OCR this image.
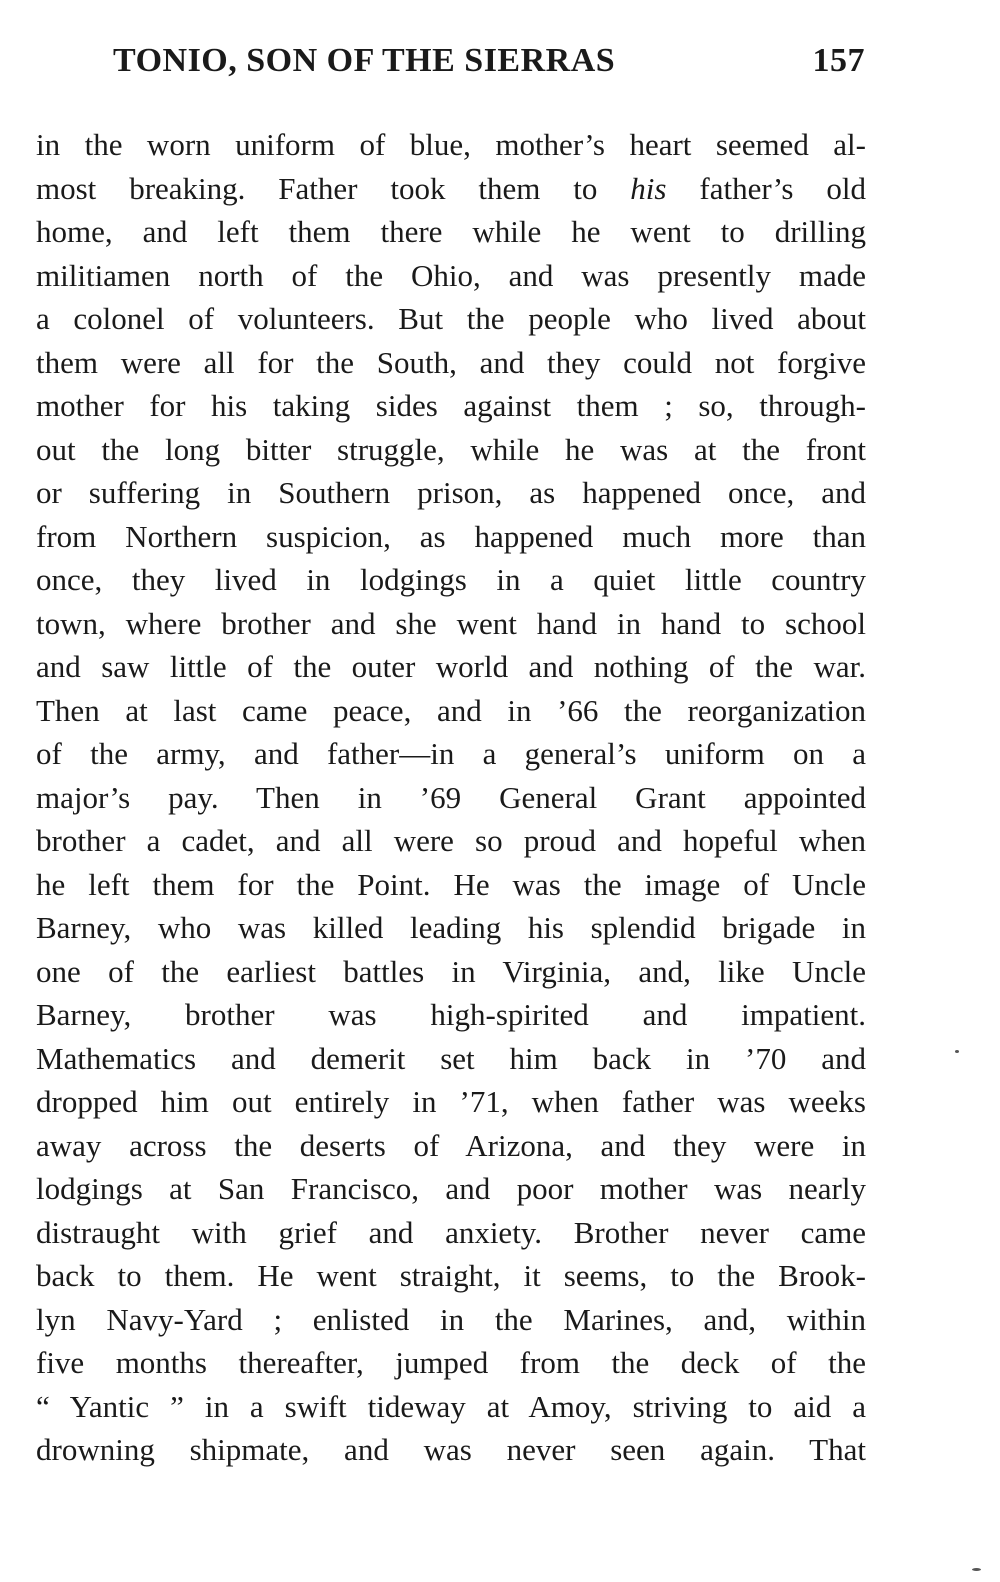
TONIO, SON OF THE SIERRAS	157
in the worn uniform of blue, mother’s heart seemed al-
most breaking. Father took them to his father’s old
home, and left them there while he went to drilling
militiamen north of the Ohio, and was presently made
a colonel of volunteers. But the people who lived about
them were all for the South, and they could not forgive
mother for his taking sides against them ; so, through-
out the long bitter struggle, while he was at the front
or suffering in Southern prison, as happened once, and
from Northern suspicion, as happened much more than
once, they lived in lodgings in a quiet little country
town, where brother and she went hand in hand to school
and saw little of the outer world and nothing of the war.
Then at last came peace, and in ’66 the reorganization
of the army, and father—in a general’s uniform on a
major’s pay. Then in ’69 General Grant appointed
brother a cadet, and all were so proud and hopeful when
he left them for the Point. He was the image of Uncle
Barney, who was killed leading his splendid brigade in
one of the earliest battles in Virginia, and, like Uncle
Barney, brother was high-spirited and impatient.
Mathematics and demerit set him back in ’70 and
dropped him out entirely in ’71, when father was weeks
away across the deserts of Arizona, and they were in
lodgings at San Francisco, and poor mother was nearly
distraught with grief and anxiety. Brother never came
back to them. He went straight, it seems, to the Brook-
lyn Navy-Yard ; enlisted in the Marines, and, within
five months thereafter, jumped from the deck of the
“ Yantic ” in a swift tideway at Amoy, striving to aid a
drowning shipmate, and was never seen again. That
